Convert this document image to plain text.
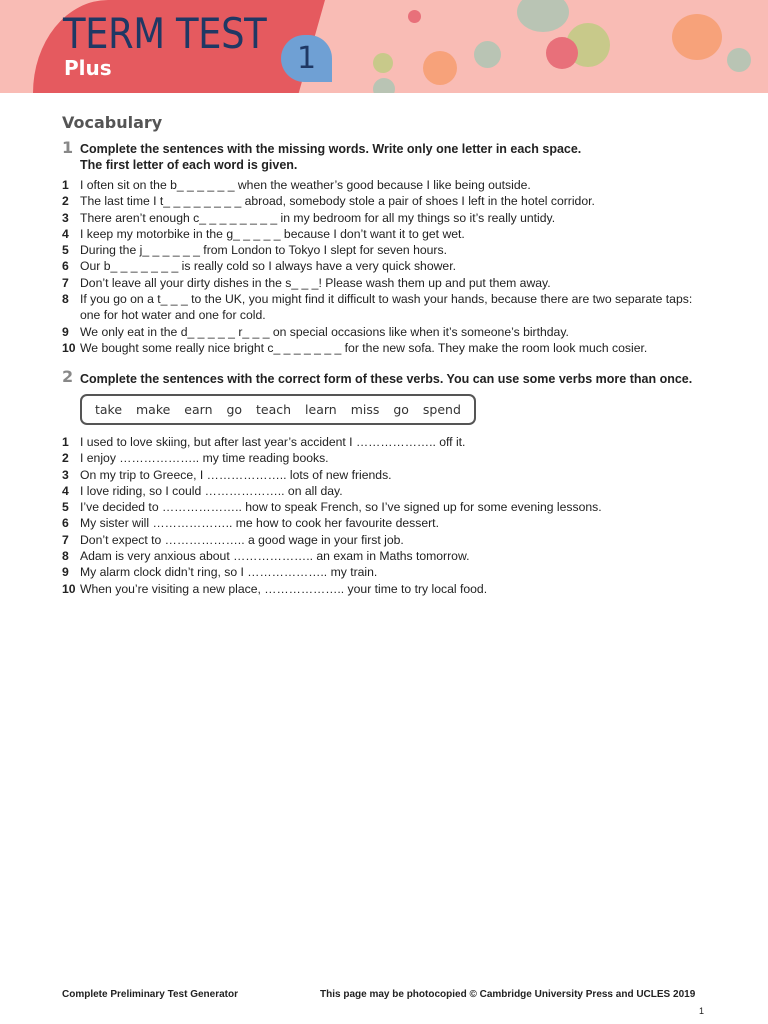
TERM TEST
Plus	1
Vocabulary
1 Complete the sentences with the missing words. Write only one letter in each space.
The first letter of each word is given.
1 I often sit on the b_ _ _ _ _ _ when the weather’s good because I like being outside.
2 The last time I t_ _ _ _ _ _ _ _ abroad, somebody stole a pair of shoes I left in the hotel corridor.
3 There aren’t enough c_ _ _ _ _ _ _ _ in my bedroom for all my things so it’s really untidy.
4 I keep my motorbike in the g_ _ _ _ _ because I don’t want it to get wet.
5 During the j_ _ _ _ _ _ from London to Tokyo I slept for seven hours.
6 Our b_ _ _ _ _ _ _ is really cold so I always have a very quick shower.
7 Don’t leave all your dirty dishes in the s_ _ _! Please wash them up and put them away.
8 If you go on a t_ _ _ to the UK, you might find it difficult to wash your hands, because there are two separate taps: one for hot water and one for cold.
9 We only eat in the d_ _ _ _ _ r_ _ _ on special occasions like when it’s someone’s birthday.
10 We bought some really nice bright c_ _ _ _ _ _ _ for the new sofa. They make the room look much cosier.
2 Complete the sentences with the correct form of these verbs. You can use some verbs more than once.
take make earn go teach learn miss go spend
1 I used to love skiing, but after last year’s accident I ……………….. off it.
2 I enjoy ……………….. my time reading books.
3 On my trip to Greece, I ……………….. lots of new friends.
4 I love riding, so I could ……………….. on all day.
5 I’ve decided to ……………….. how to speak French, so I’ve signed up for some evening lessons.
6 My sister will ……………….. me how to cook her favourite dessert.
7 Don’t expect to ……………….. a good wage in your first job.
8 Adam is very anxious about ……………….. an exam in Maths tomorrow.
9 My alarm clock didn’t ring, so I ……………….. my train.
10 When you’re visiting a new place, ……………….. your time to try local food.
Complete Preliminary Test Generator	This page may be photocopied © Cambridge University Press and UCLES 2019
1
